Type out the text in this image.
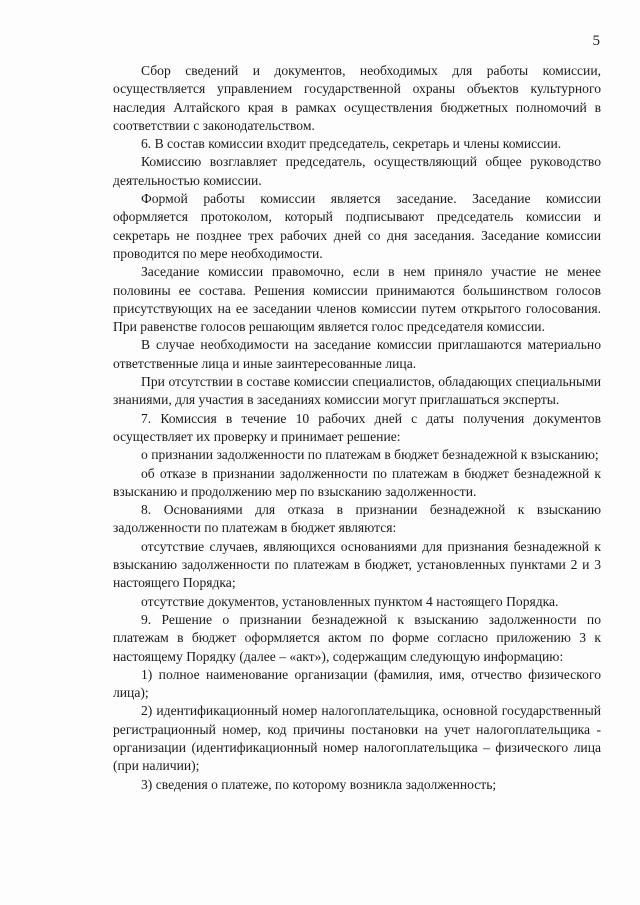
5

Сбор сведений и документов, необходимых для работы комиссии, осуществляется управлением государственной охраны объектов культурного наследия Алтайского края в рамках осуществления бюджетных полномочий в соответствии с законодательством.

6. В состав комиссии входит председатель, секретарь и члены комиссии.

Комиссию возглавляет председатель, осуществляющий общее руководство деятельностью комиссии.

Формой работы комиссии является заседание. Заседание комиссии оформляется протоколом, который подписывают председатель комиссии и секретарь не позднее трех рабочих дней со дня заседания. Заседание комиссии проводится по мере необходимости.

Заседание комиссии правомочно, если в нем приняло участие не менее половины ее состава. Решения комиссии принимаются большинством голосов присутствующих на ее заседании членов комиссии путем открытого голосования. При равенстве голосов решающим является голос председателя комиссии.

В случае необходимости на заседание комиссии приглашаются материально ответственные лица и иные заинтересованные лица.

При отсутствии в составе комиссии специалистов, обладающих специальными знаниями, для участия в заседаниях комиссии могут приглашаться эксперты.

7. Комиссия в течение 10 рабочих дней с даты получения документов осуществляет их проверку и принимает решение:

о признании задолженности по платежам в бюджет безнадежной к взысканию;

об отказе в признании задолженности по платежам в бюджет безнадежной к взысканию и продолжению мер по взысканию задолженности.

8. Основаниями для отказа в признании безнадежной к взысканию задолженности по платежам в бюджет являются:

отсутствие случаев, являющихся основаниями для признания безнадежной к взысканию задолженности по платежам в бюджет, установленных пунктами 2 и 3 настоящего Порядка;

отсутствие документов, установленных пунктом 4 настоящего Порядка.

9. Решение о признании безнадежной к взысканию задолженности по платежам в бюджет оформляется актом по форме согласно приложению 3 к настоящему Порядку (далее – «акт»), содержащим следующую информацию:

1) полное наименование организации (фамилия, имя, отчество физического лица);

2) идентификационный номер налогоплательщика, основной государственный регистрационный номер, код причины постановки на учет налогоплательщика - организации (идентификационный номер налогоплательщика – физического лица (при наличии);

3) сведения о платеже, по которому возникла задолженность;
